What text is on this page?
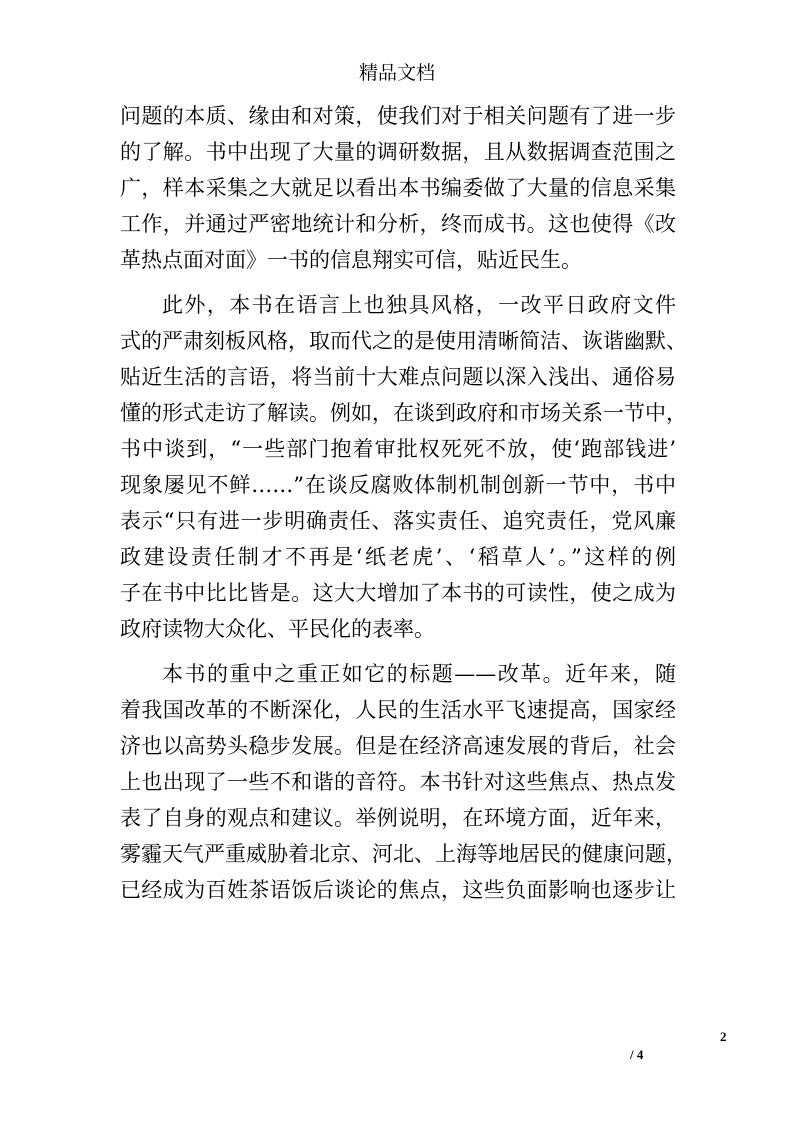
精品文档

问题的本质、缘由和对策，使我们对于相关问题有了进一步
的了解。书中出现了大量的调研数据，且从数据调查范围之
广，样本采集之大就足以看出本书编委做了大量的信息采集
工作，并通过严密地统计和分析，终而成书。这也使得《改
革热点面对面》一书的信息翔实可信，贴近民生。

此外，本书在语言上也独具风格，一改平日政府文件
式的严肃刻板风格，取而代之的是使用清晰简洁、诙谐幽默、
贴近生活的言语，将当前十大难点问题以深入浅出、通俗易
懂的形式走访了解读。例如，在谈到政府和市场关系一节中，
书中谈到，“一些部门抱着审批权死死不放，使‘跑部钱进’
现象屡见不鲜……”在谈反腐败体制机制创新一节中，书中
表示“只有进一步明确责任、落实责任、追究责任，党风廉
政建设责任制才不再是‘纸老虎’、‘稻草人’。”这样的例
子在书中比比皆是。这大大增加了本书的可读性，使之成为
政府读物大众化、平民化的表率。

本书的重中之重正如它的标题——改革。近年来，随
着我国改革的不断深化，人民的生活水平飞速提高，国家经
济也以高势头稳步发展。但是在经济高速发展的背后，社会
上也出现了一些不和谐的音符。本书针对这些焦点、热点发
表了自身的观点和建议。举例说明，在环境方面，近年来，
雾霾天气严重威胁着北京、河北、上海等地居民的健康问题，
已经成为百姓茶语饭后谈论的焦点，这些负面影响也逐步让

2
/ 4
